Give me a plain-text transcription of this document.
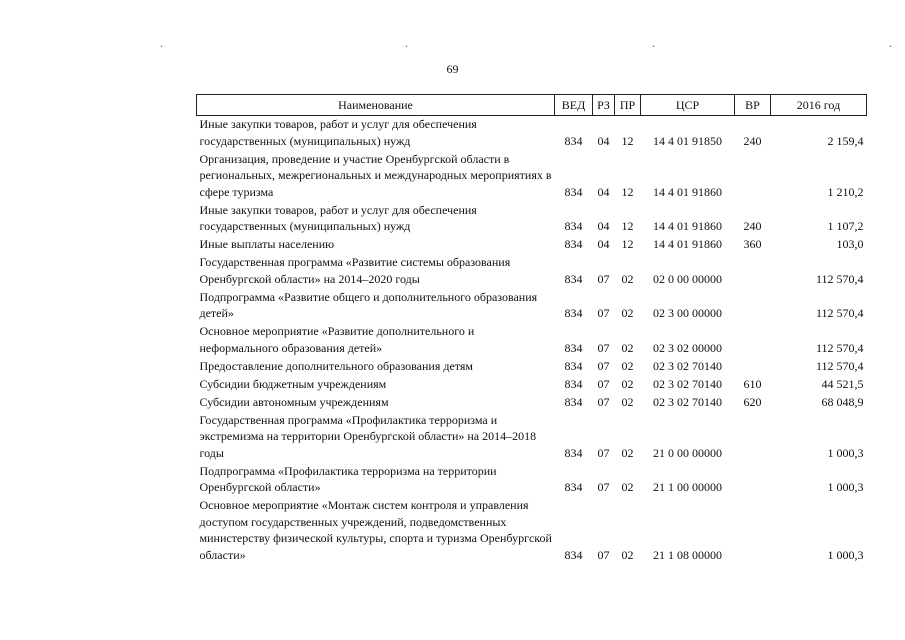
.	.	.	.
69
Наименование	ВЕД	РЗ	ПР	ЦСР	ВР	2016 год
Иные закупки товаров, работ и услуг для обеспечения государственных (муниципальных) нужд	834	04	12	14 4 01 91850	240	2 159,4
Организация, проведение и участие Оренбургской области в региональных, межрегиональных и международных мероприятиях в сфере туризма	834	04	12	14 4 01 91860		1 210,2
Иные закупки товаров, работ и услуг для обеспечения государственных (муниципальных) нужд	834	04	12	14 4 01 91860	240	1 107,2
Иные выплаты населению	834	04	12	14 4 01 91860	360	103,0
Государственная программа «Развитие системы образования Оренбургской области» на 2014–2020 годы	834	07	02	02 0 00 00000		112 570,4
Подпрограмма «Развитие общего и дополнительного образования детей»	834	07	02	02 3 00 00000		112 570,4
Основное мероприятие «Развитие дополнительного и неформального образования детей»	834	07	02	02 3 02 00000		112 570,4
Предоставление дополнительного образования детям	834	07	02	02 3 02 70140		112 570,4
Субсидии бюджетным учреждениям	834	07	02	02 3 02 70140	610	44 521,5
Субсидии автономным учреждениям	834	07	02	02 3 02 70140	620	68 048,9
Государственная программа «Профилактика терроризма и экстремизма на территории Оренбургской области» на 2014–2018 годы	834	07	02	21 0 00 00000		1 000,3
Подпрограмма «Профилактика терроризма на территории Оренбургской области»	834	07	02	21 1 00 00000		1 000,3
Основное мероприятие «Монтаж систем контроля и управления доступом государственных учреждений, подведомственных министерству физической культуры, спорта и туризма Оренбургской области»	834	07	02	21 1 08 00000		1 000,3
